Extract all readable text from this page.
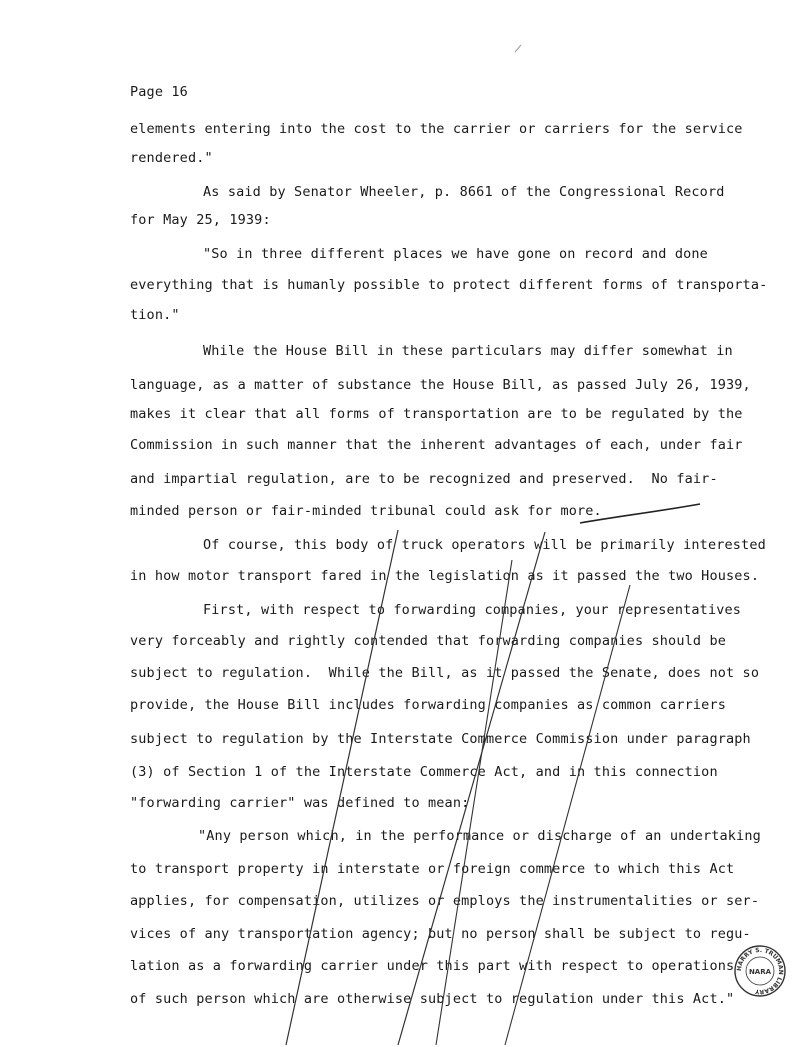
Page 16
elements entering into the cost to the carrier or carriers for the service
rendered."
As said by Senator Wheeler, p. 8661 of the Congressional Record
for May 25, 1939:
"So in three different places we have gone on record and done
everything that is humanly possible to protect different forms of transporta-
tion."
While the House Bill in these particulars may differ somewhat in
language, as a matter of substance the House Bill, as passed July 26, 1939,
makes it clear that all forms of transportation are to be regulated by the
Commission in such manner that the inherent advantages of each, under fair
and impartial regulation, are to be recognized and preserved.  No fair-
minded person or fair-minded tribunal could ask for more.
Of course, this body of truck operators will be primarily interested
in how motor transport fared in the legislation as it passed the two Houses.
First, with respect to forwarding companies, your representatives
very forceably and rightly contended that forwarding companies should be
subject to regulation.  While the Bill, as it passed the Senate, does not so
provide, the House Bill includes forwarding companies as common carriers
subject to regulation by the Interstate Commerce Commission under paragraph
(3) of Section 1 of the Interstate Commerce Act, and in this connection
"forwarding carrier" was defined to mean:
"Any person which, in the performance or discharge of an undertaking
to transport property in interstate or foreign commerce to which this Act
applies, for compensation, utilizes or employs the instrumentalities or ser-
vices of any transportation agency; but no person shall be subject to regu-
lation as a forwarding carrier under this part with respect to operations
of such person which are otherwise subject to regulation under this Act."
HARRY S. TRUMAN LIBRARY
NARA
